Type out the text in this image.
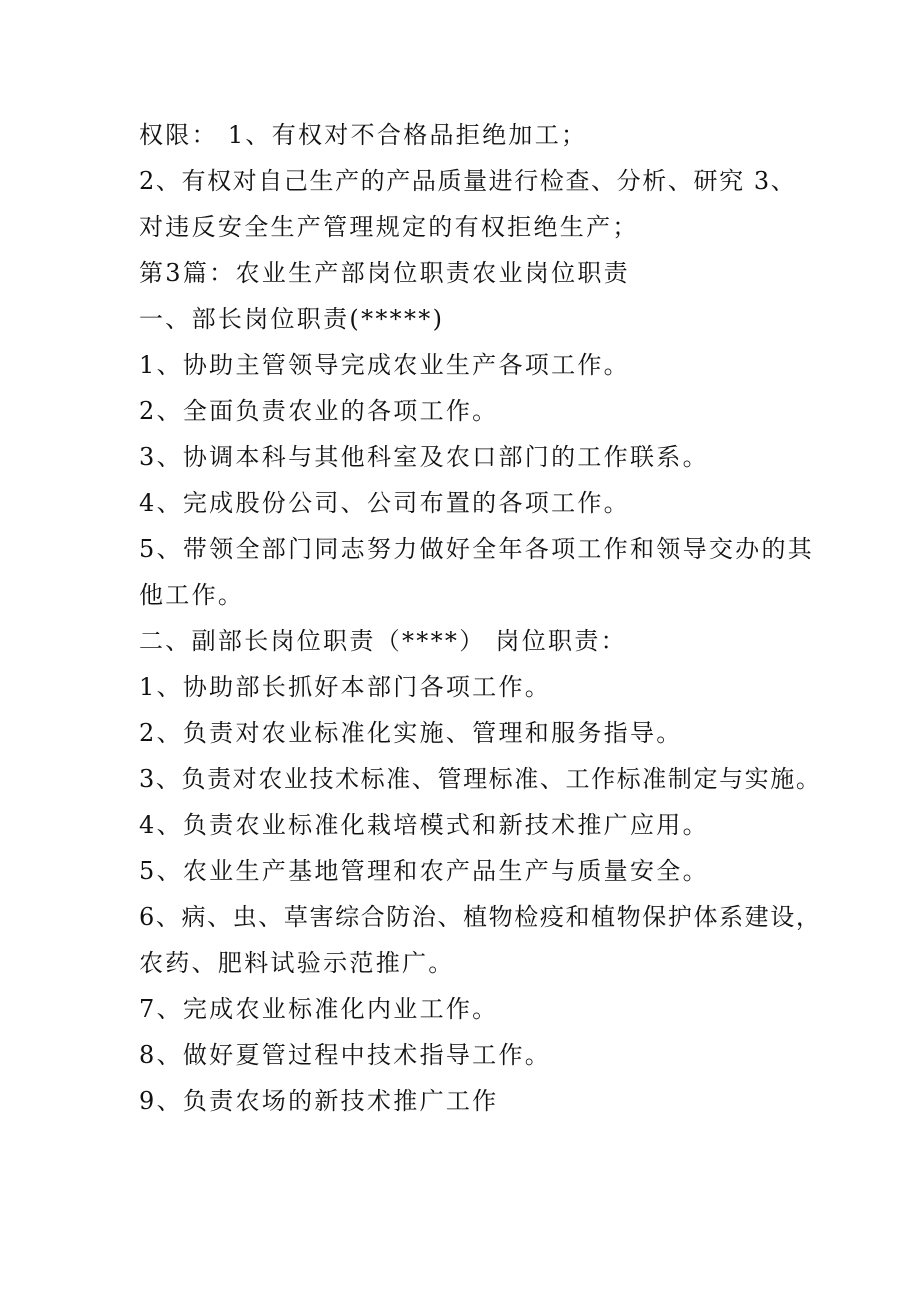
权限： 1、有权对不合格品拒绝加工；
2、有权对自己生产的产品质量进行检查、分析、研究 3、
对违反安全生产管理规定的有权拒绝生产；
第3篇：农业生产部岗位职责农业岗位职责
一、部长岗位职责(*****)
1、协助主管领导完成农业生产各项工作。
2、全面负责农业的各项工作。
3、协调本科与其他科室及农口部门的工作联系。
4、完成股份公司、公司布置的各项工作。
5、带领全部门同志努力做好全年各项工作和领导交办的其
他工作。
二、副部长岗位职责（****） 岗位职责：
1、协助部长抓好本部门各项工作。
2、负责对农业标准化实施、管理和服务指导。
3、负责对农业技术标准、管理标准、工作标准制定与实施。
4、负责农业标准化栽培模式和新技术推广应用。
5、农业生产基地管理和农产品生产与质量安全。
6、病、虫、草害综合防治、植物检疫和植物保护体系建设，
农药、肥料试验示范推广。
7、完成农业标准化内业工作。
8、做好夏管过程中技术指导工作。
9、负责农场的新技术推广工作
